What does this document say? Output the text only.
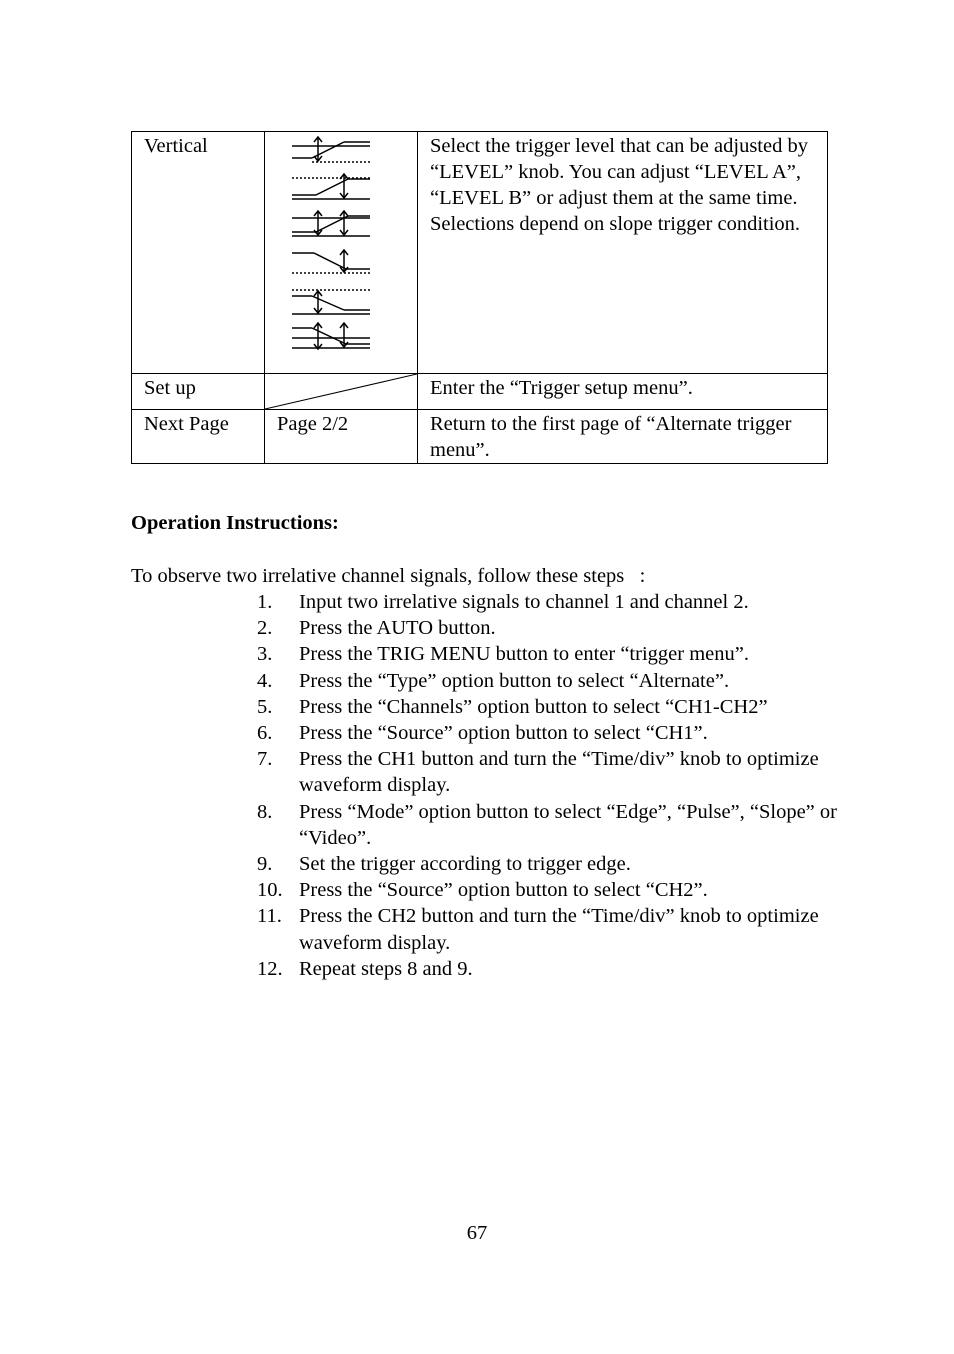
Vertical		Select the trigger level that can be adjusted by “LEVEL” knob. You can adjust “LEVEL A”, “LEVEL B” or adjust them at the same time. Selections depend on slope trigger condition.
Set up		Enter the “Trigger setup menu”.
Next Page	Page 2/2	Return to the first page of “Alternate trigger menu”.
Operation Instructions:
To observe two irrelative channel signals, follow these steps   :
1.	Input two irrelative signals to channel 1 and channel 2.
2.	Press the AUTO button.
3.	Press the TRIG MENU button to enter “trigger menu”.
4.	Press the “Type” option button to select “Alternate”.
5.	Press the “Channels” option button to select “CH1-CH2”
6.	Press the “Source” option button to select “CH1”.
7.	Press the CH1 button and turn the “Time/div” knob to optimize waveform display.
8.	Press “Mode” option button to select “Edge”, “Pulse”, “Slope” or “Video”.
9.	Set the trigger according to trigger edge.
10. Press the “Source” option button to select “CH2”.
11. Press the CH2 button and turn the “Time/div” knob to optimize waveform display.
12. Repeat steps 8 and 9.
67
